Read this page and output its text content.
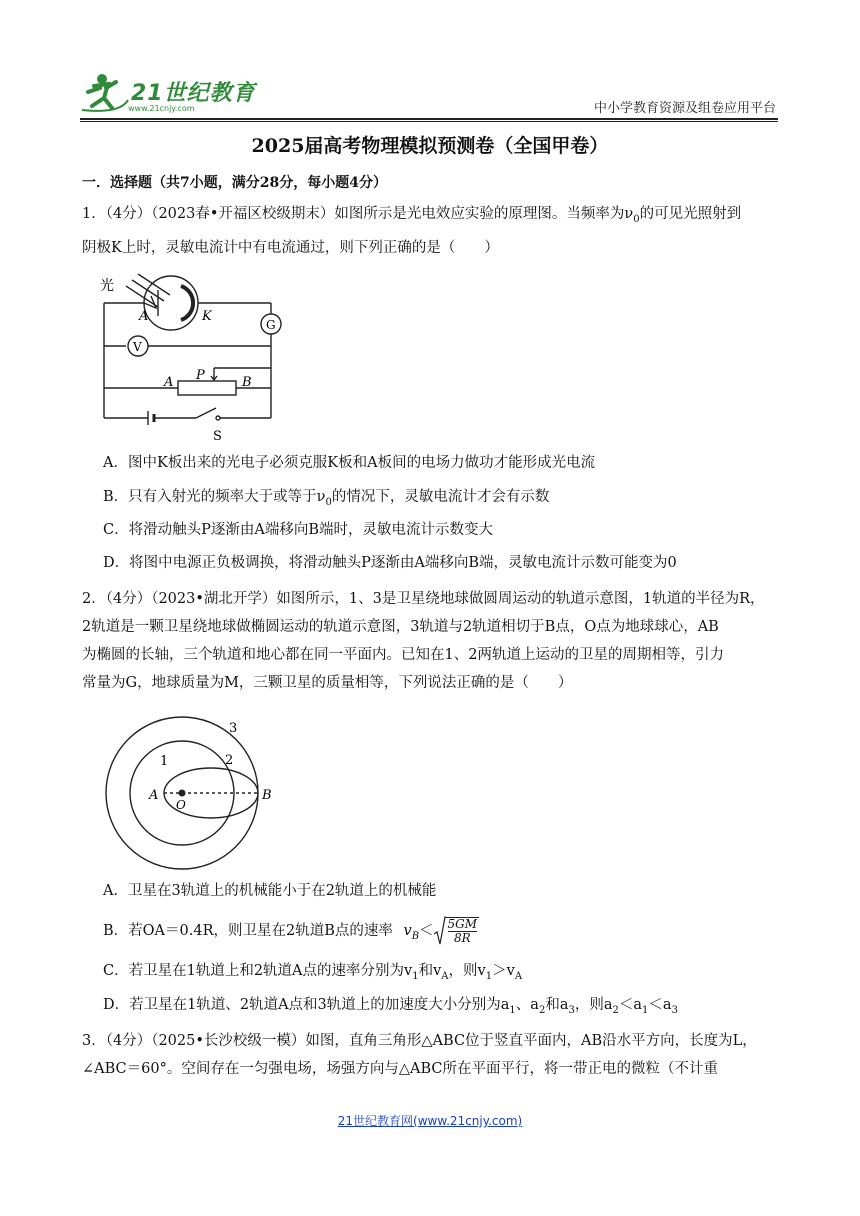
21世纪教育
www.21cnjy.com	中小学教育资源及组卷应用平台
2025届高考物理模拟预测卷（全国甲卷）
一．选择题（共7小题，满分28分，每小题4分）
1．（4分）（2023春•开福区校级期末）如图所示是光电效应实验的原理图。当频率为$\nu_0$的可见光照射到
阴极K上时，灵敏电流计中有电流通过，则下列正确的是（　　）
光
A	K
G
V
P
A	B
S
A．图中K板出来的光电子必须克服K板和A板间的电场力做功才能形成光电流
B．只有入射光的频率大于或等于$\nu_0$的情况下，灵敏电流计才会有示数
C．将滑动触头P逐渐由A端移向B端时，灵敏电流计示数变大
D．将图中电源正负极调换，将滑动触头P逐渐由A端移向B端，灵敏电流计示数可能变为0
2．（4分）（2023•湖北开学）如图所示，1、3是卫星绕地球做圆周运动的轨道示意图，1轨道的半径为R，
2轨道是一颗卫星绕地球做椭圆运动的轨道示意图，3轨道与2轨道相切于B点，O点为地球球心，AB
为椭圆的长轴，三个轨道和地心都在同一平面内。已知在1、2两轨道上运动的卫星的周期相等，引力
常量为G，地球质量为M，三颗卫星的质量相等，下列说法正确的是（　　）
3
1	2
A
O
B
A．卫星在3轨道上的机械能小于在2轨道上的机械能
B．若OA＝0.4R，则卫星在2轨道B点的速率 $v_B< \frac{5GM}{8R}$
C．若卫星在1轨道上和2轨道A点的速率分别为$v_1$和$v_A$，则$v_1>v_A$
D．若卫星在1轨道、2轨道A点和3轨道上的加速度大小分别为$a_1$、$a_2$和$a_3$，则$a_2<a_1<a_3$
3．（4分）（2025•长沙校级一模）如图，直角三角形△ABC位于竖直平面内，AB沿水平方向，长度为L，
∠ABC＝60°。空间存在一匀强电场，场强方向与△ABC所在平面平行，将一带正电的微粒（不计重
21世纪教育网(www.21cnjy.com)
